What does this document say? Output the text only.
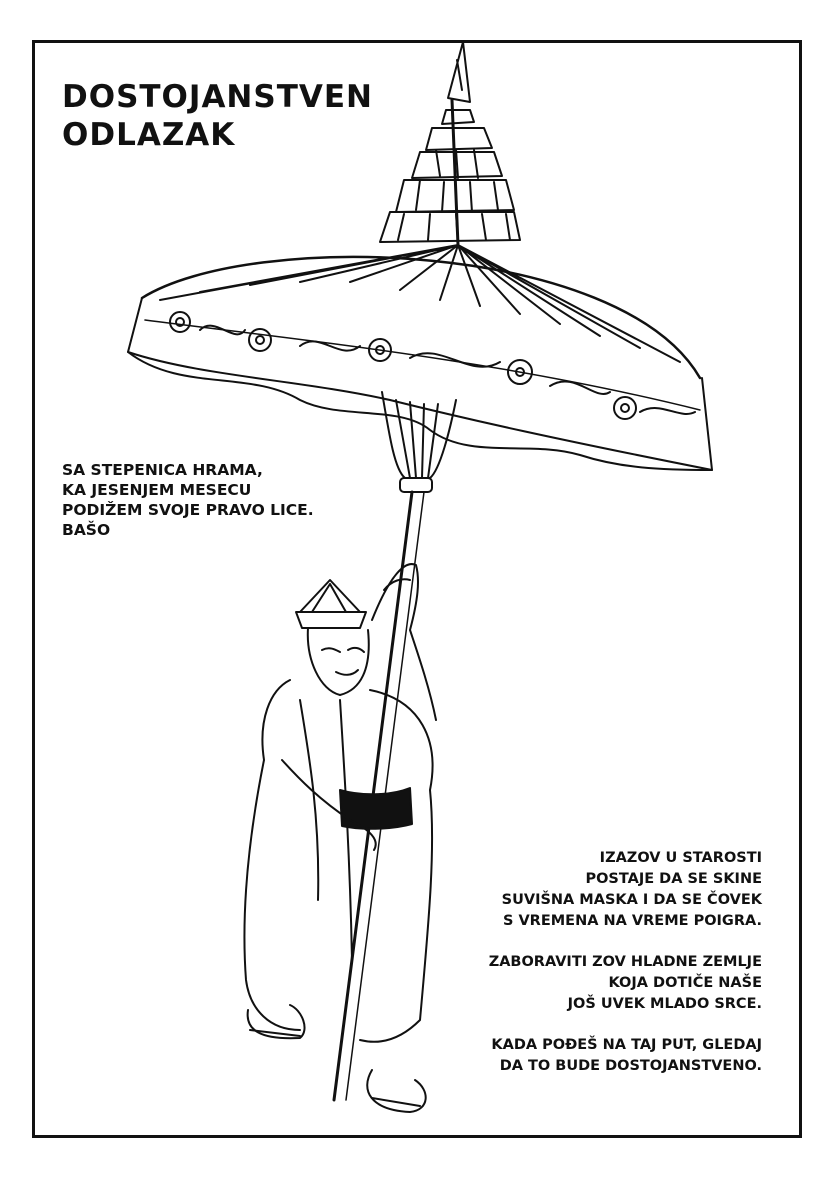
DOSTOJANSTVEN
ODLAZAK
SA STEPENICA HRAMA,
KA JESENJEM MESECU
PODIŽEM SVOJE PRAVO LICE.
BAŠO
IZAZOV U STAROSTI
POSTAJE DA SE SKINE
SUVIŠNA MASKA I DA SE ČOVEK
S VREMENA NA VREME POIGRA.
ZABORAVITI ZOV HLADNE ZEMLJE
KOJA DOTIČE NAŠE
JOŠ UVEK MLADO SRCE.
KADA POĐEŠ NA TAJ PUT, GLEDAJ
DA TO BUDE DOSTOJANSTVENO.
